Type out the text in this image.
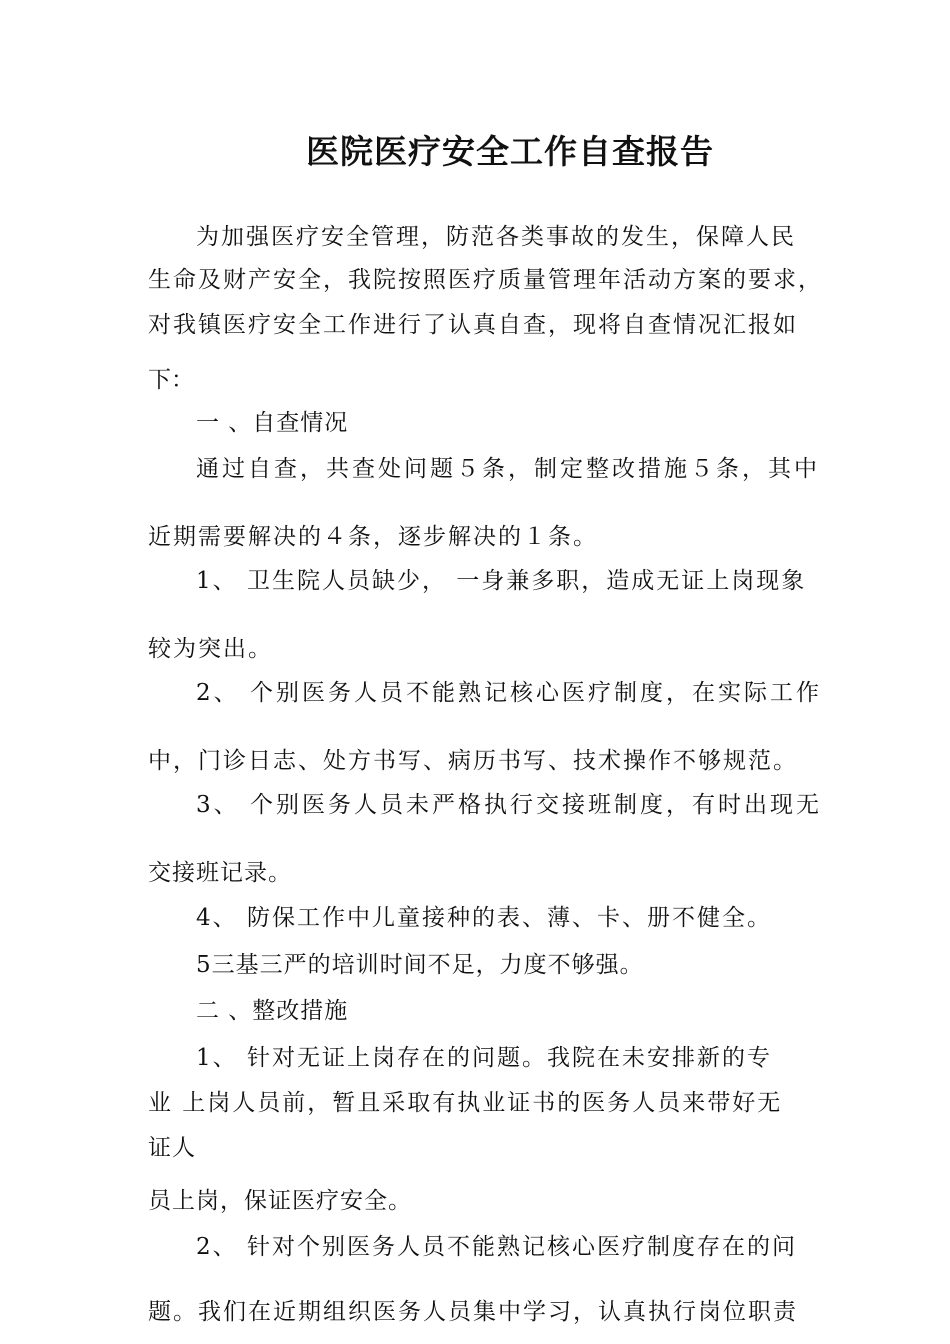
医院医疗安全工作自查报告
为加强医疗安全管理，防范各类事故的发生，保障人民
生命及财产安全，我院按照医疗质量管理年活动方案的要求，
对我镇医疗安全工作进行了认真自查，现将自查情况汇报如
下：
一 、自查情况
通过自查，共查处问题５条，制定整改措施５条，其中
近期需要解决的４条，逐步解决的１条。
1、 卫生院人员缺少， 一身兼多职，造成无证上岗现象
较为突出。
2、 个别医务人员不能熟记核心医疗制度，在实际工作
中，门诊日志、处方书写、病历书写、技术操作不够规范。
3、 个别医务人员未严格执行交接班制度，有时出现无
交接班记录。
4、 防保工作中儿童接种的表、薄、卡、册不健全。
5三基三严的培训时间不足，力度不够强。
二 、整改措施
1、 针对无证上岗存在的问题。我院在未安排新的专
业 上岗人员前，暂且采取有执业证书的医务人员来带好无
证人
员上岗，保证医疗安全。
2、 针对个别医务人员不能熟记核心医疗制度存在的问
题。我们在近期组织医务人员集中学习，认真执行岗位职责
